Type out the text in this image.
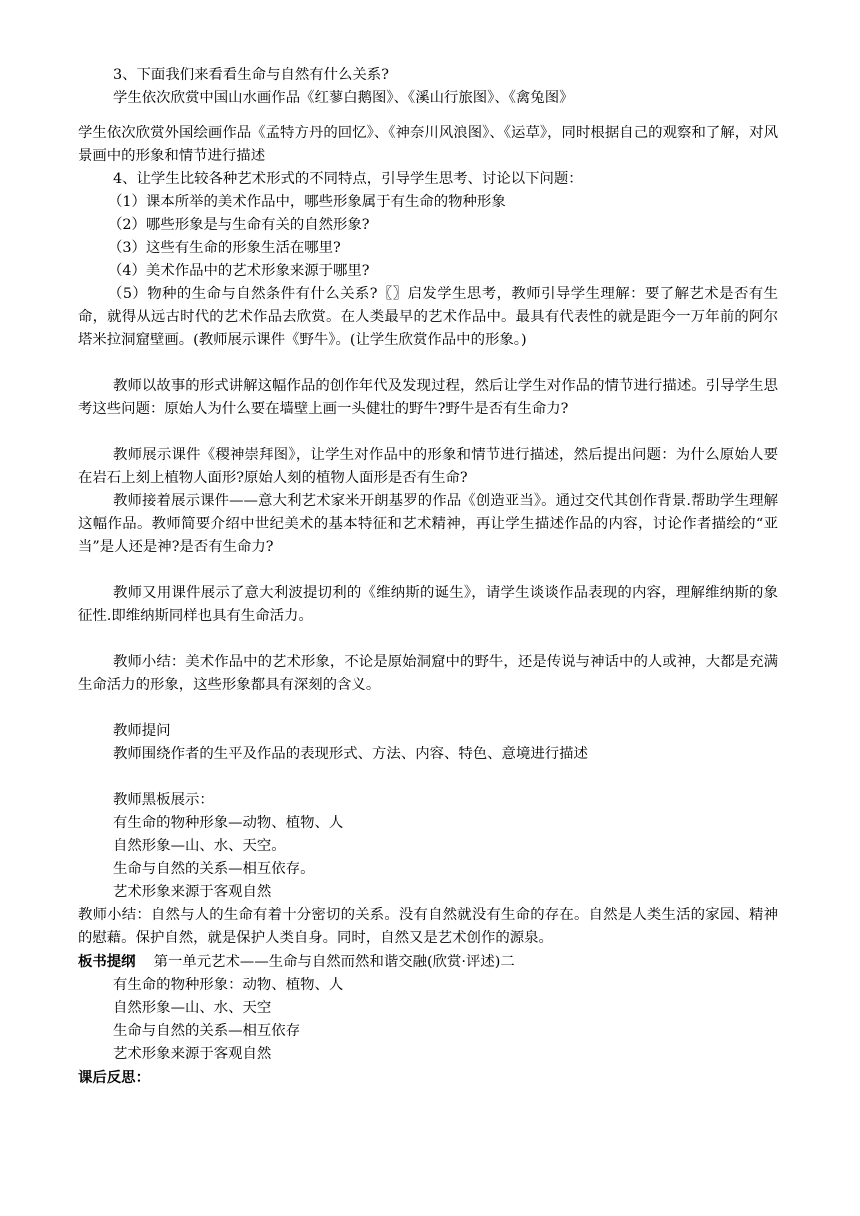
3、下面我们来看看生命与自然有什么关系?
学生依次欣赏中国山水画作品《红蓼白鹅图》、《溪山行旅图》、《禽兔图》

学生依次欣赏外国绘画作品《孟特方丹的回忆》、《神奈川风浪图》、《运草》，同时根据自己的观察和了解，对风景画中的形象和情节进行描述

4、让学生比较各种艺术形式的不同特点，引导学生思考、讨论以下问题：
（1）课本所举的美术作品中，哪些形象属于有生命的物种形象
（2）哪些形象是与生命有关的自然形象?
（3）这些有生命的形象生活在哪里?
（4）美术作品中的艺术形象来源于哪里?

（5）物种的生命与自然条件有什么关系?〖〗启发学生思考，教师引导学生理解：要了解艺术是否有生命，就得从远古时代的艺术作品去欣赏。在人类最早的艺术作品中。最具有代表性的就是距今一万年前的阿尔塔米拉洞窟壁画。(教师展示课件《野牛》。(让学生欣赏作品中的形象。)

教师以故事的形式讲解这幅作品的创作年代及发现过程，然后让学生对作品的情节进行描述。引导学生思考这些问题：原始人为什么要在墙壁上画一头健壮的野牛?野牛是否有生命力?

教师展示课件《稷神崇拜图》，让学生对作品中的形象和情节进行描述，然后提出问题：为什么原始人要在岩石上刻上植物人面形?原始人刻的植物人面形是否有生命?

教师接着展示课件——意大利艺术家米开朗基罗的作品《创造亚当》。通过交代其创作背景.帮助学生理解这幅作品。教师简要介绍中世纪美术的基本特征和艺术精神，再让学生描述作品的内容，讨论作者描绘的“亚当”是人还是神?是否有生命力?

教师又用课件展示了意大利波提切利的《维纳斯的诞生》，请学生谈谈作品表现的内容，理解维纳斯的象征性.即维纳斯同样也具有生命活力。

教师小结：美术作品中的艺术形象，不论是原始洞窟中的野牛，还是传说与神话中的人或神，大都是充满生命活力的形象，这些形象都具有深刻的含义。

教师提问
教师围绕作者的生平及作品的表现形式、方法、内容、特色、意境进行描述
教师黑板展示：
有生命的物种形象—动物、植物、人
自然形象—山、水、天空。
生命与自然的关系—相互依存。
艺术形象来源于客观自然

教师小结：自然与人的生命有着十分密切的关系。没有自然就没有生命的存在。自然是人类生活的家园、精神的慰藉。保护自然，就是保护人类自身。同时，自然又是艺术创作的源泉。

板书提纲 第一单元艺术——生命与自然而然和谐交融(欣赏·评述)二
有生命的物种形象：动物、植物、人
自然形象—山、水、天空
生命与自然的关系—相互依存
艺术形象来源于客观自然
课后反思：
